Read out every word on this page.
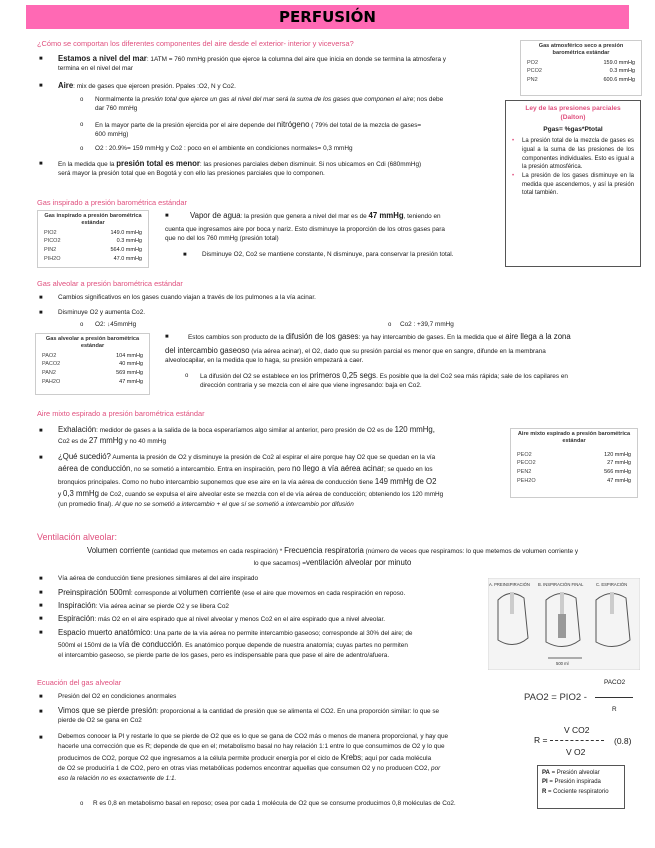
PERFUSIÓN
¿Cómo se comportan los diferentes componentes del aire desde el exterior- interior y viceversa?
■ Estamos a nivel del mar: 1ATM = 760 mmHg presión que ejerce la columna del aire que inicia en donde se termina la atmosfera y
termina en el nivel del mar
■ Aire: mix de gases que ejercen presión. Ppales :O2, N y Co2.
o Normalmente la presión total que ejerce un gas al nivel del mar será la suma de los gases que componen el aire; nos debe
dar 760 mmHg
o En la mayor parte de la presión ejercida por el aire depende del nitrógeno ( 79% del total de la mezcla de gases=
600 mmHg)
o O2 : 20.9%= 159 mmHg y Co2 : poco en el ambiente en condiciones normales= 0,3 mmHg
■ En la medida que la presión total es menor: las presiones parciales deben disminuir. Si nos ubicamos en Cdi (680mmHg)
será mayor la presión total que en Bogotá y con ello las presiones parciales que lo componen.
Gas atmosférico seco a presión barométrica estándar
PO2	159.0 mmHg
PCO2	0.3 mmHg
PN2	600.6 mmHg
Ley de las presiones parciales (Dalton)
Pgas= %gas*Ptotal
•	La presión total de la mezcla de gases es igual a la suma de las presiones de los componentes individuales. Esto es igual a la presión atmosférica.
•	La presión de los gases disminuye en la medida que ascendemos, y así la presión total también.
Gas inspirado a presión barométrica estándar
Gas inspirado a presión barométrica estándar
PIO2	149.0 mmHg
PICO2	0.3 mmHg
PIN2	564.0 mmHg
PIH2O	47.0 mmHg
■	Vapor de agua: la presión que genera a nivel del mar es de 47 mmHg, teniendo en
cuenta que ingresamos aire por boca y nariz. Esto disminuye la proporción de los otros gases para
que no del los 760 mmHg (presión total)
■ Disminuye O2, Co2 se mantiene constante, N disminuye, para conservar la presión total.
Gas alveolar a presión barométrica estándar
■ Cambios significativos en los gases cuando viajan a través de los pulmones a la vía acinar.
■ Disminuye O2 y aumenta Co2.
o O2: ↓45mmHg	o Co2 : +39,7 mmHg
Gas alveolar a presión barométrica estándar
PAO2	104 mmHg
PACO2	40 mmHg
PAN2	569 mmHg
PAH2O	47 mmHg
■	Estos cambios son producto de la difusión de los gases: ya hay intercambio de gases. En la medida que el aire llega a la zona
del intercambio gaseoso (vía aérea acinar), el O2, dado que su presión parcial es menor que en sangre, difunde en la membrana
alveolocapilar, en la medida que lo haga, su presión empezará a caer.
o La difusión del O2 se establece en los primeros 0,25 segs. Es posible que la del Co2 sea más rápida; sale de los capilares en
dirección contraria y se mezcla con el aire que viene ingresando: baja en Co2.
Aire mixto espirado a presión barométrica estándar
Aire mixto espirado a presión barométrica estándar
PEO2	120 mmHg
PECO2	27 mmHg
PEN2	566 mmHg
PEH2O	47 mmHg
■ Exhalación: medidor de gases a la salida de la boca esperaríamos algo similar al anterior, pero presión de O2 es de 120 mmHg,
Co2 es de 27 mmHg y no 40 mmHg
■ ¿Qué sucedió? Aumenta la presión de O2 y disminuye la presión de Co2 al espirar el aire porque hay O2 que se quedan en la vía
aérea de conducción, no se sometió a intercambio. Entra en inspiración, pero no llego a vía aérea acinar; se quedo en los
bronquios principales. Como no hubo intercambio suponemos que ese aire en la vía aérea de conducción tiene 149 mmHg de O2
y 0,3 mmHg de Co2, cuando se expulsa el aire alveolar este se mezcla con el de vía aérea de conducción; obteniendo los 120 mmHg
(un promedio final). Al que no se sometió a intercambio + el que sí se sometió a intercambio por difusión
Ventilación alveolar:
Volumen corriente (cantidad que metemos en cada respiración) * Frecuencia respiratoria (número de veces que respiramos: lo que metemos de volumen corriente y
lo que sacamos) =ventilación alveolar por minuto
■ Vía aérea de conducción tiene presiones similares al del aire inspirado
■ Preinspiración 500ml: corresponde al volumen corriente (ese el aire que movemos en cada respiración en reposo.
■ Inspiración: Vía aérea acinar se pierde O2 y se libera Co2
■ Espiración: más O2 en el aire espirado que al nivel alveolar y menos Co2 en el aire espirado que a nivel alveolar.
■ Espacio muerto anatómico: Una parte de la vía aérea no permite intercambio gaseoso; corresponde al 30% del aire; de
500ml el 150ml de la vía de conducción. Es anatómico porque depende de nuestra anatomía; cuyas partes no permiten
el intercambio gaseoso, se pierde parte de los gases, pero es indispensable para que pase el aire de adentro/afuera.
A. PREINSPIRACIÓN B. INSPIRACIÓN FINAL	C. ESPIRACIÓN
500 ml
Ecuación del gas alveolar
■ Presión del O2 en condiciones anormales
■ Vimos que se pierde presión: proporcional a la cantidad de presión que se alimenta el CO2. En una proporción similar: lo que se
pierde de O2 se gana en Co2
■ Debemos conocer la PI y restarle lo que se pierde de O2 que es lo que se gana de CO2 más o menos de manera proporcional, y hay que
hacerle una corrección que es R; depende de que en el; metabolismo basal no hay relación 1:1 entre lo que consumimos de O2 y lo que
producimos de CO2, porque O2 que ingresamos a la célula permite producir energía por el ciclo de Krebs; aquí por cada molécula
de O2 se produciría 1 de CO2, pero en otras vías metabólicas podemos encontrar aquellas que consumen O2 y no producen CO2, por
eso la relación no es exactamente de 1:1.
o R es 0,8 en metabolismo basal en reposo; osea por cada 1 molécula de O2 que se consume producimos 0,8 moléculas de Co2.
PACO2
PAO2 = PIO2 -
R
V CO2
R =	(0.8)
V O2
PA = Presión alveolar
PI = Presión inspirada
R = Cociente respiratorio
